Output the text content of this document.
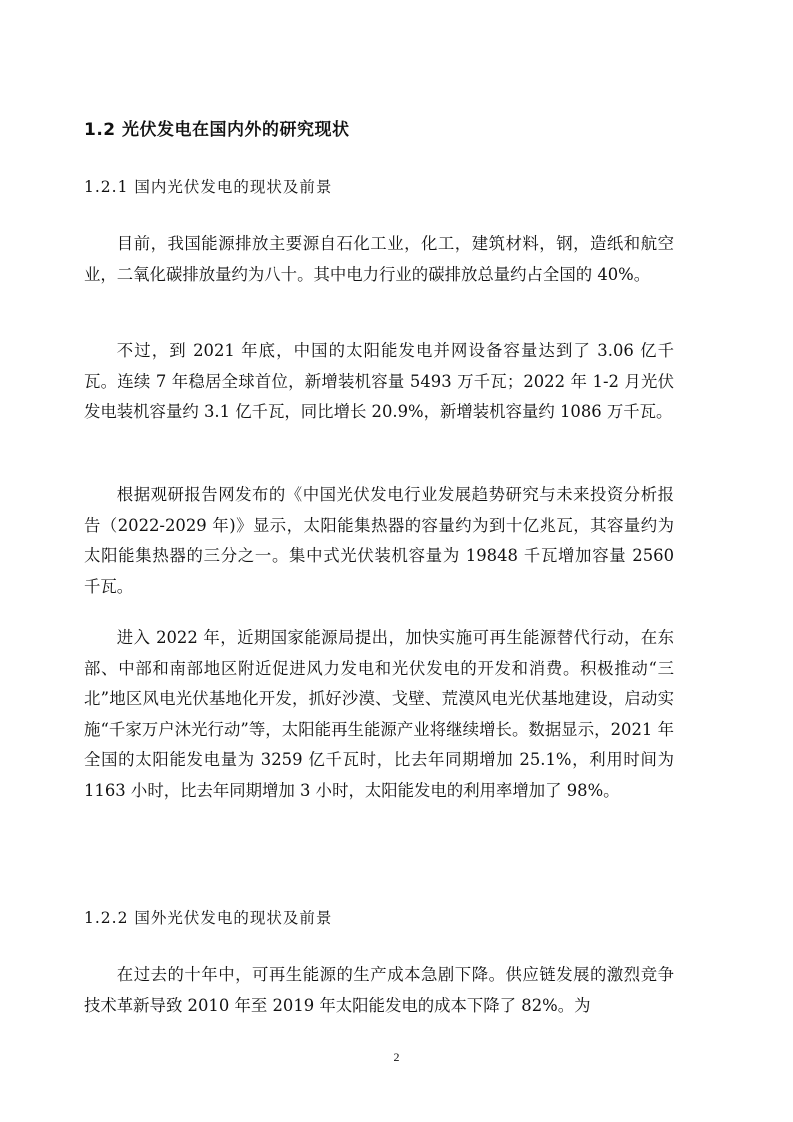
1.2 光伏发电在国内外的研究现状
1.2.1 国内光伏发电的现状及前景

目前，我国能源排放主要源自石化工业，化工，建筑材料，钢，造纸和航空业，二氧化碳排放量约为八十。其中电力行业的碳排放总量约占全国的 40%。

不过，到 2021 年底，中国的太阳能发电并网设备容量达到了 3.06 亿千瓦。连续 7 年稳居全球首位，新增装机容量 5493 万千瓦；2022 年 1-2 月光伏发电装机容量约 3.1 亿千瓦，同比增长 20.9%，新增装机容量约 1086 万千瓦。

根据观研报告网发布的《中国光伏发电行业发展趋势研究与未来投资分析报告（2022-2029 年)》显示，太阳能集热器的容量约为到十亿兆瓦，其容量约为太阳能集热器的三分之一。集中式光伏装机容量为 19848 千瓦增加容量 2560 千瓦。

进入 2022 年，近期国家能源局提出，加快实施可再生能源替代行动，在东部、中部和南部地区附近促进风力发电和光伏发电的开发和消费。积极推动“三北”地区风电光伏基地化开发，抓好沙漠、戈壁、荒漠风电光伏基地建设，启动实施“千家万户沐光行动”等，太阳能再生能源产业将继续增长。数据显示，2021 年全国的太阳能发电量为 3259 亿千瓦时，比去年同期增加 25.1%，利用时间为 1163 小时，比去年同期增加 3 小时，太阳能发电的利用率增加了 98%。

1.2.2 国外光伏发电的现状及前景

在过去的十年中，可再生能源的生产成本急剧下降。供应链发展的激烈竞争技术革新导致 2010 年至 2019 年太阳能发电的成本下降了 82%。为

2
